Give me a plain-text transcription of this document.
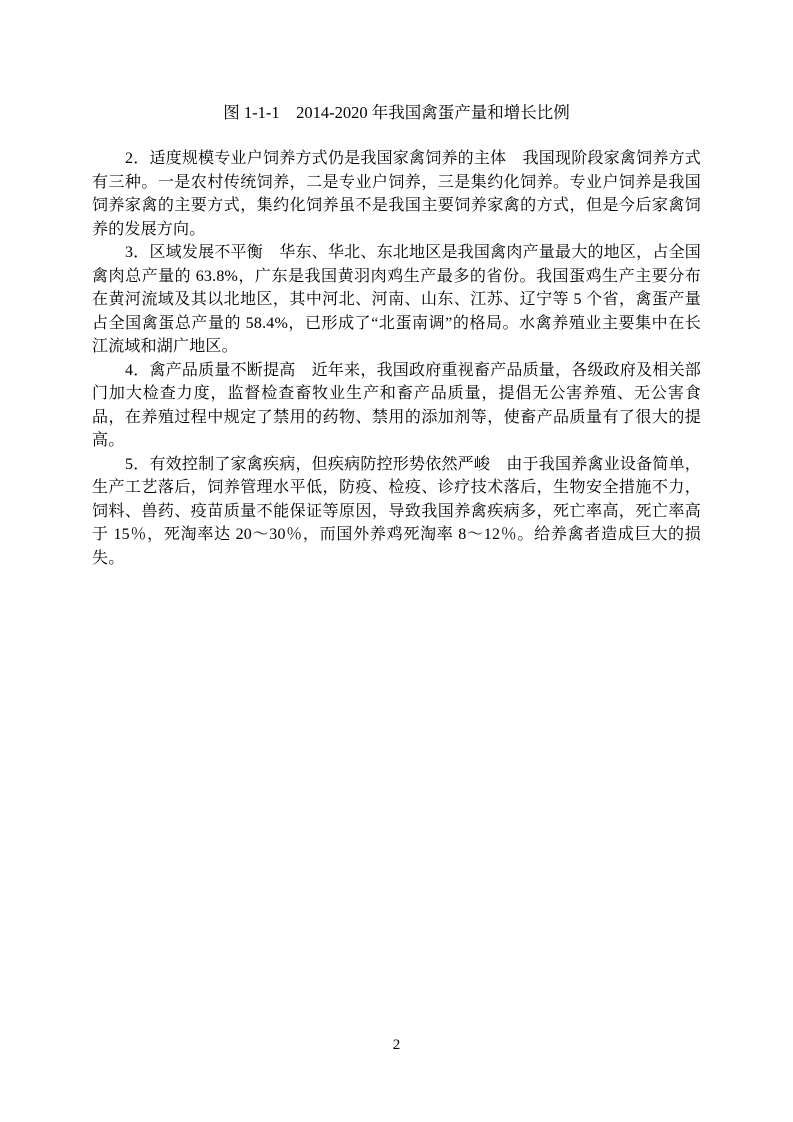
图 1-1-1　2014-2020 年我国禽蛋产量和增长比例

2．适度规模专业户饲养方式仍是我国家禽饲养的主体　我国现阶段家禽饲养方式有三种。一是农村传统饲养，二是专业户饲养，三是集约化饲养。专业户饲养是我国饲养家禽的主要方式，集约化饲养虽不是我国主要饲养家禽的方式，但是今后家禽饲养的发展方向。

3．区域发展不平衡　华东、华北、东北地区是我国禽肉产量最大的地区，占全国禽肉总产量的 63.8%，广东是我国黄羽肉鸡生产最多的省份。我国蛋鸡生产主要分布在黄河流域及其以北地区，其中河北、河南、山东、江苏、辽宁等 5 个省，禽蛋产量占全国禽蛋总产量的 58.4%，已形成了“北蛋南调”的格局。水禽养殖业主要集中在长江流域和湖广地区。

4．禽产品质量不断提高　近年来，我国政府重视畜产品质量，各级政府及相关部门加大检查力度，监督检查畜牧业生产和畜产品质量，提倡无公害养殖、无公害食品，在养殖过程中规定了禁用的药物、禁用的添加剂等，使畜产品质量有了很大的提高。

5．有效控制了家禽疾病，但疾病防控形势依然严峻　由于我国养禽业设备简单，生产工艺落后，饲养管理水平低，防疫、检疫、诊疗技术落后，生物安全措施不力，饲料、兽药、疫苗质量不能保证等原因，导致我国养禽疾病多，死亡率高，死亡率高于 15％，死淘率达 20～30％，而国外养鸡死淘率 8～12％。给养禽者造成巨大的损失。

2
